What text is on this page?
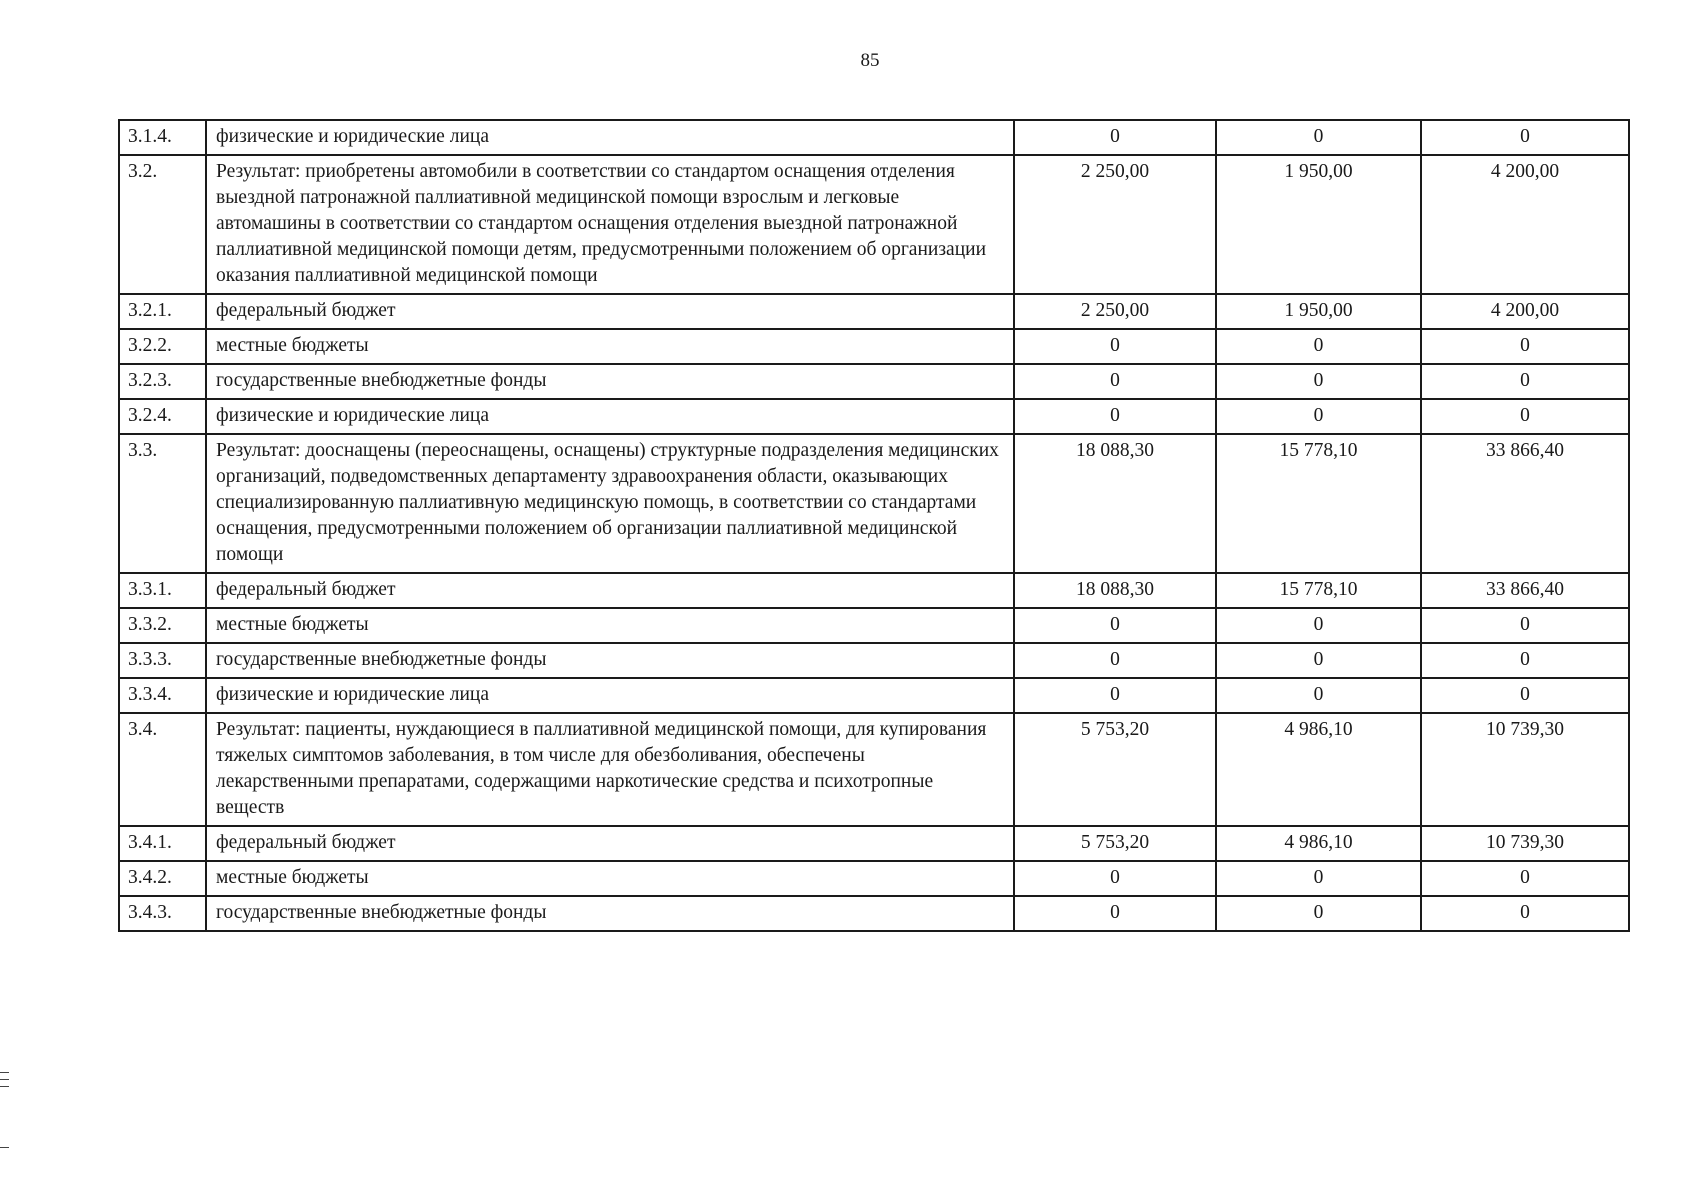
85
3.1.4.	физические и юридические лица	0	0	0
3.2.	Результат: приобретены автомобили в соответствии со стандартом оснащения отделения выездной патронажной паллиативной медицинской помощи взрослым и легковые автомашины в соответствии со стандартом оснащения отделения выездной патронажной паллиативной медицинской помощи детям, предусмотренными положением об организации оказания паллиативной медицинской помощи	2 250,00	1 950,00	4 200,00
3.2.1.	федеральный бюджет	2 250,00	1 950,00	4 200,00
3.2.2.	местные бюджеты	0	0	0
3.2.3.	государственные внебюджетные фонды	0	0	0
3.2.4.	физические и юридические лица	0	0	0
3.3.	Результат: дооснащены (переоснащены, оснащены) структурные подразделения медицинских организаций, подведомственных департаменту здравоохранения области, оказывающих специализированную паллиативную медицинскую помощь, в соответствии со стандартами оснащения, предусмотренными положением об организации паллиативной медицинской помощи	18 088,30	15 778,10	33 866,40
3.3.1.	федеральный бюджет	18 088,30	15 778,10	33 866,40
3.3.2.	местные бюджеты	0	0	0
3.3.3.	государственные внебюджетные фонды	0	0	0
3.3.4.	физические и юридические лица	0	0	0
3.4.	Результат: пациенты, нуждающиеся в паллиативной медицинской помощи, для купирования тяжелых симптомов заболевания, в том числе для обезболивания, обеспечены лекарственными препаратами, содержащими наркотические средства и психотропные веществ	5 753,20	4 986,10	10 739,30
3.4.1.	федеральный бюджет	5 753,20	4 986,10	10 739,30
3.4.2.	местные бюджеты	0	0	0
3.4.3.	государственные внебюджетные фонды	0	0	0
